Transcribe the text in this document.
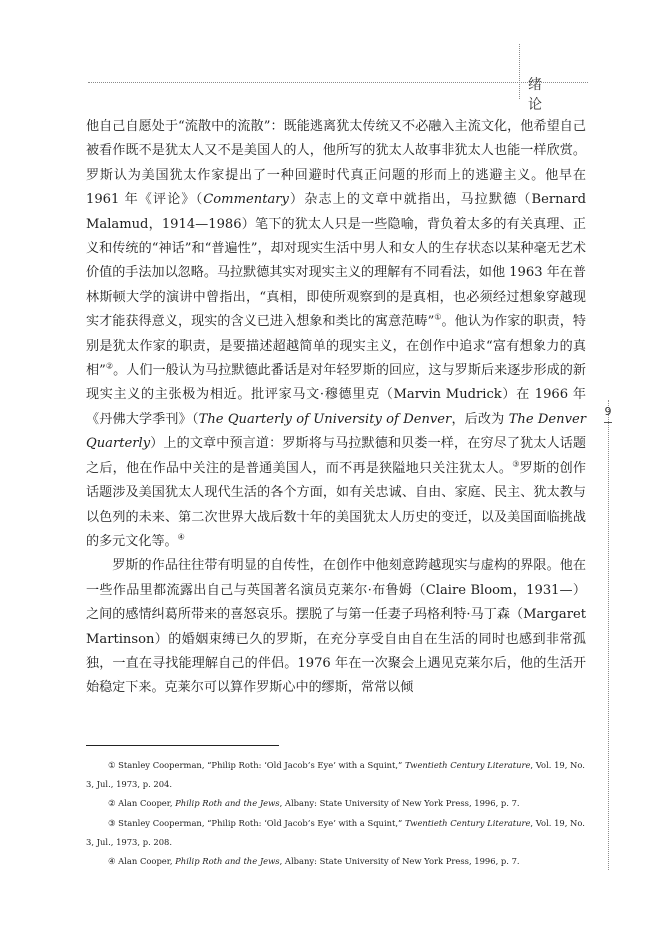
绪 论
9

他自己自愿处于“流散中的流散”：既能逃离犹太传统又不必融入主流文化，他希望自己被看作既不是犹太人又不是美国人的人，他所写的犹太人故事非犹太人也能一样欣赏。罗斯认为美国犹太作家提出了一种回避时代真正问题的形而上的逃避主义。他早在 1961 年《评论》（Commentary）杂志上的文章中就指出，马拉默德（Bernard Malamud，1914—1986）笔下的犹太人只是一些隐喻，背负着太多的有关真理、正义和传统的“神话”和“普遍性”，却对现实生活中男人和女人的生存状态以某种毫无艺术价值的手法加以忽略。马拉默德其实对现实主义的理解有不同看法，如他 1963 年在普林斯顿大学的演讲中曾指出，“真相，即使所观察到的是真相，也必须经过想象穿越现实才能获得意义，现实的含义已进入想象和类比的寓意范畴”①。他认为作家的职责，特别是犹太作家的职责，是要描述超越简单的现实主义，在创作中追求“富有想象力的真相”②。人们一般认为马拉默德此番话是对年轻罗斯的回应，这与罗斯后来逐步形成的新现实主义的主张极为相近。批评家马文·穆德里克（Marvin Mudrick）在 1966 年《丹佛大学季刊》（The Quarterly of University of Denver，后改为 The Denver Quarterly）上的文章中预言道：罗斯将与马拉默德和贝娄一样，在穷尽了犹太人话题之后，他在作品中关注的是普通美国人，而不再是狭隘地只关注犹太人。③罗斯的创作话题涉及美国犹太人现代生活的各个方面，如有关忠诚、自由、家庭、民主、犹太教与以色列的未来、第二次世界大战后数十年的美国犹太人历史的变迁，以及美国面临挑战的多元文化等。④

罗斯的作品往往带有明显的自传性，在创作中他刻意跨越现实与虚构的界限。他在一些作品里都流露出自己与英国著名演员克莱尔·布鲁姆（Claire Bloom，1931—）之间的感情纠葛所带来的喜怒哀乐。摆脱了与第一任妻子玛格利特·马丁森（Margaret Martinson）的婚姻束缚已久的罗斯，在充分享受自由自在生活的同时也感到非常孤独，一直在寻找能理解自己的伴侣。1976 年在一次聚会上遇见克莱尔后，他的生活开始稳定下来。克莱尔可以算作罗斯心中的缪斯，常常以倾

① Stanley Cooperman, “Philip Roth: ‘Old Jacob’s Eye’ with a Squint,” Twentieth Century Literature, Vol. 19, No. 3, Jul., 1973, p. 204.
② Alan Cooper, Philip Roth and the Jews, Albany: State University of New York Press, 1996, p. 7.
③ Stanley Cooperman, “Philip Roth: ‘Old Jacob’s Eye’ with a Squint,” Twentieth Century Literature, Vol. 19, No. 3, Jul., 1973, p. 208.
④ Alan Cooper, Philip Roth and the Jews, Albany: State University of New York Press, 1996, p. 7.
